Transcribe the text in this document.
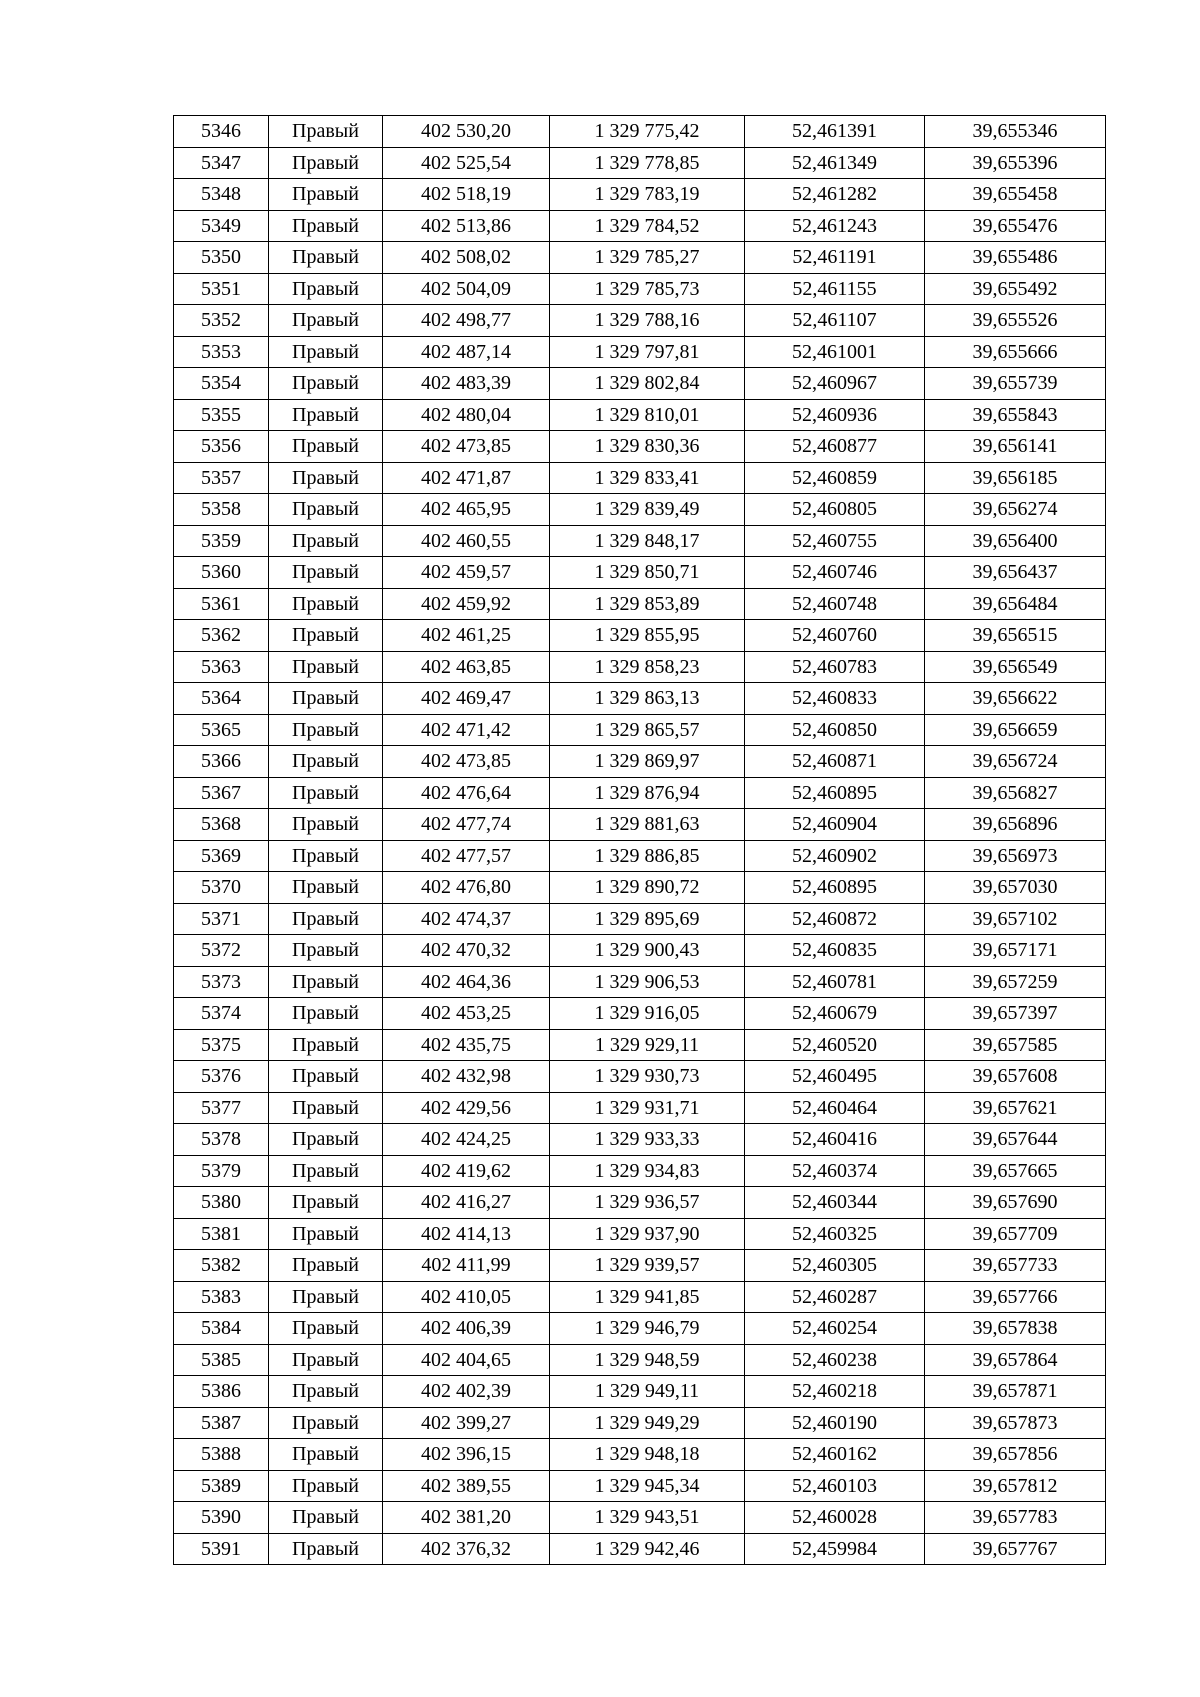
5346	Правый	402 530,20	1 329 775,42	52,461391	39,655346
5347	Правый	402 525,54	1 329 778,85	52,461349	39,655396
5348	Правый	402 518,19	1 329 783,19	52,461282	39,655458
5349	Правый	402 513,86	1 329 784,52	52,461243	39,655476
5350	Правый	402 508,02	1 329 785,27	52,461191	39,655486
5351	Правый	402 504,09	1 329 785,73	52,461155	39,655492
5352	Правый	402 498,77	1 329 788,16	52,461107	39,655526
5353	Правый	402 487,14	1 329 797,81	52,461001	39,655666
5354	Правый	402 483,39	1 329 802,84	52,460967	39,655739
5355	Правый	402 480,04	1 329 810,01	52,460936	39,655843
5356	Правый	402 473,85	1 329 830,36	52,460877	39,656141
5357	Правый	402 471,87	1 329 833,41	52,460859	39,656185
5358	Правый	402 465,95	1 329 839,49	52,460805	39,656274
5359	Правый	402 460,55	1 329 848,17	52,460755	39,656400
5360	Правый	402 459,57	1 329 850,71	52,460746	39,656437
5361	Правый	402 459,92	1 329 853,89	52,460748	39,656484
5362	Правый	402 461,25	1 329 855,95	52,460760	39,656515
5363	Правый	402 463,85	1 329 858,23	52,460783	39,656549
5364	Правый	402 469,47	1 329 863,13	52,460833	39,656622
5365	Правый	402 471,42	1 329 865,57	52,460850	39,656659
5366	Правый	402 473,85	1 329 869,97	52,460871	39,656724
5367	Правый	402 476,64	1 329 876,94	52,460895	39,656827
5368	Правый	402 477,74	1 329 881,63	52,460904	39,656896
5369	Правый	402 477,57	1 329 886,85	52,460902	39,656973
5370	Правый	402 476,80	1 329 890,72	52,460895	39,657030
5371	Правый	402 474,37	1 329 895,69	52,460872	39,657102
5372	Правый	402 470,32	1 329 900,43	52,460835	39,657171
5373	Правый	402 464,36	1 329 906,53	52,460781	39,657259
5374	Правый	402 453,25	1 329 916,05	52,460679	39,657397
5375	Правый	402 435,75	1 329 929,11	52,460520	39,657585
5376	Правый	402 432,98	1 329 930,73	52,460495	39,657608
5377	Правый	402 429,56	1 329 931,71	52,460464	39,657621
5378	Правый	402 424,25	1 329 933,33	52,460416	39,657644
5379	Правый	402 419,62	1 329 934,83	52,460374	39,657665
5380	Правый	402 416,27	1 329 936,57	52,460344	39,657690
5381	Правый	402 414,13	1 329 937,90	52,460325	39,657709
5382	Правый	402 411,99	1 329 939,57	52,460305	39,657733
5383	Правый	402 410,05	1 329 941,85	52,460287	39,657766
5384	Правый	402 406,39	1 329 946,79	52,460254	39,657838
5385	Правый	402 404,65	1 329 948,59	52,460238	39,657864
5386	Правый	402 402,39	1 329 949,11	52,460218	39,657871
5387	Правый	402 399,27	1 329 949,29	52,460190	39,657873
5388	Правый	402 396,15	1 329 948,18	52,460162	39,657856
5389	Правый	402 389,55	1 329 945,34	52,460103	39,657812
5390	Правый	402 381,20	1 329 943,51	52,460028	39,657783
5391	Правый	402 376,32	1 329 942,46	52,459984	39,657767
